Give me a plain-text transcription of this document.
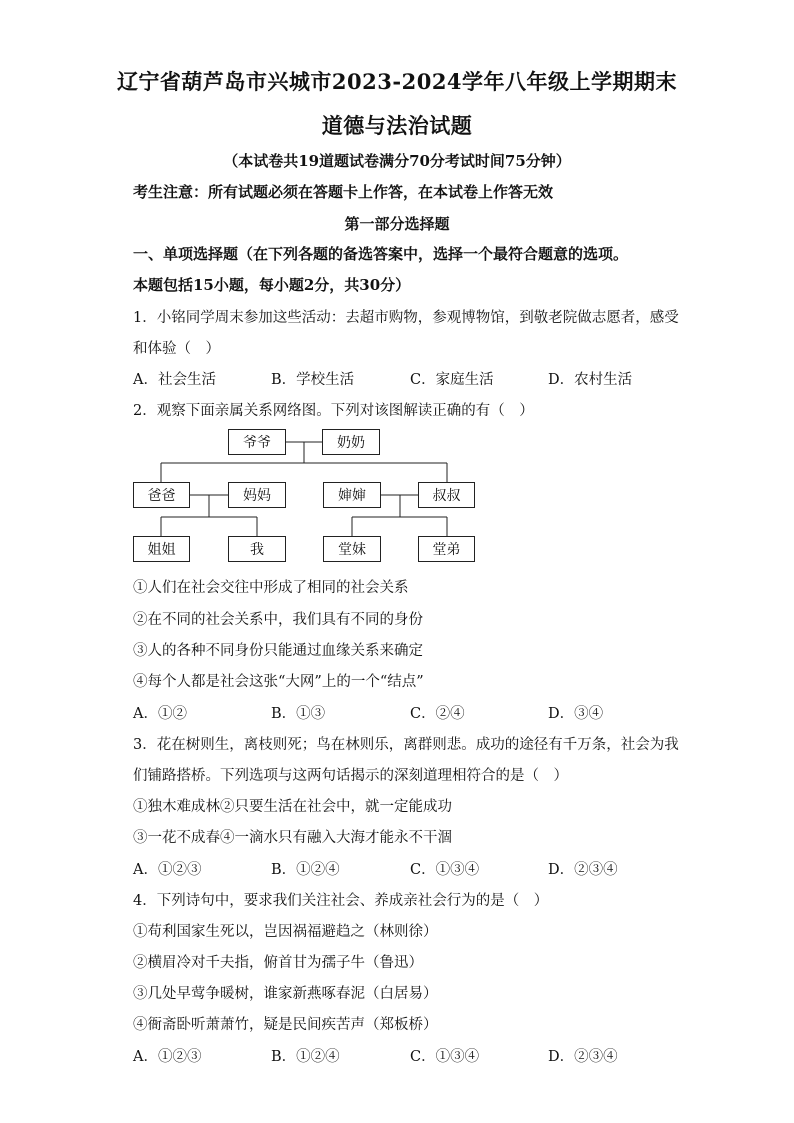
辽宁省葫芦岛市兴城市2023-2024学年八年级上学期期末
道德与法治试题
（本试卷共19道题试卷满分70分考试时间75分钟）
考生注意：所有试题必须在答题卡上作答，在本试卷上作答无效
第一部分选择题
一、单项选择题（在下列各题的备选答案中，选择一个最符合题意的选项。
本题包括15小题，每小题2分，共30分）
1．小铭同学周末参加这些活动：去超市购物，参观博物馆，到敬老院做志愿者，感受
和体验（　）
A．社会生活	B．学校生活	C．家庭生活	D．农村生活
2．观察下面亲属关系网络图。下列对该图解读正确的有（　）
爷爷	奶奶
爸爸	妈妈	婶婶	叔叔
姐姐	我	堂妹	堂弟
①人们在社会交往中形成了相同的社会关系
②在不同的社会关系中，我们具有不同的身份
③人的各种不同身份只能通过血缘关系来确定
④每个人都是社会这张“大网”上的一个“结点”
A．①②	B．①③	C．②④	D．③④
3．花在树则生，离枝则死；鸟在林则乐，离群则悲。成功的途径有千万条，社会为我
们铺路搭桥。下列选项与这两句话揭示的深刻道理相符合的是（　）
①独木难成林②只要生活在社会中，就一定能成功
③一花不成春④一滴水只有融入大海才能永不干涸
A．①②③	B．①②④	C．①③④	D．②③④
4．下列诗句中，要求我们关注社会、养成亲社会行为的是（　）
①苟利国家生死以，岂因祸福避趋之（林则徐）
②横眉冷对千夫指，俯首甘为孺子牛（鲁迅）
③几处早莺争暖树，谁家新燕啄春泥（白居易）
④衙斋卧听萧萧竹，疑是民间疾苦声（郑板桥）
A．①②③	B．①②④	C．①③④	D．②③④
